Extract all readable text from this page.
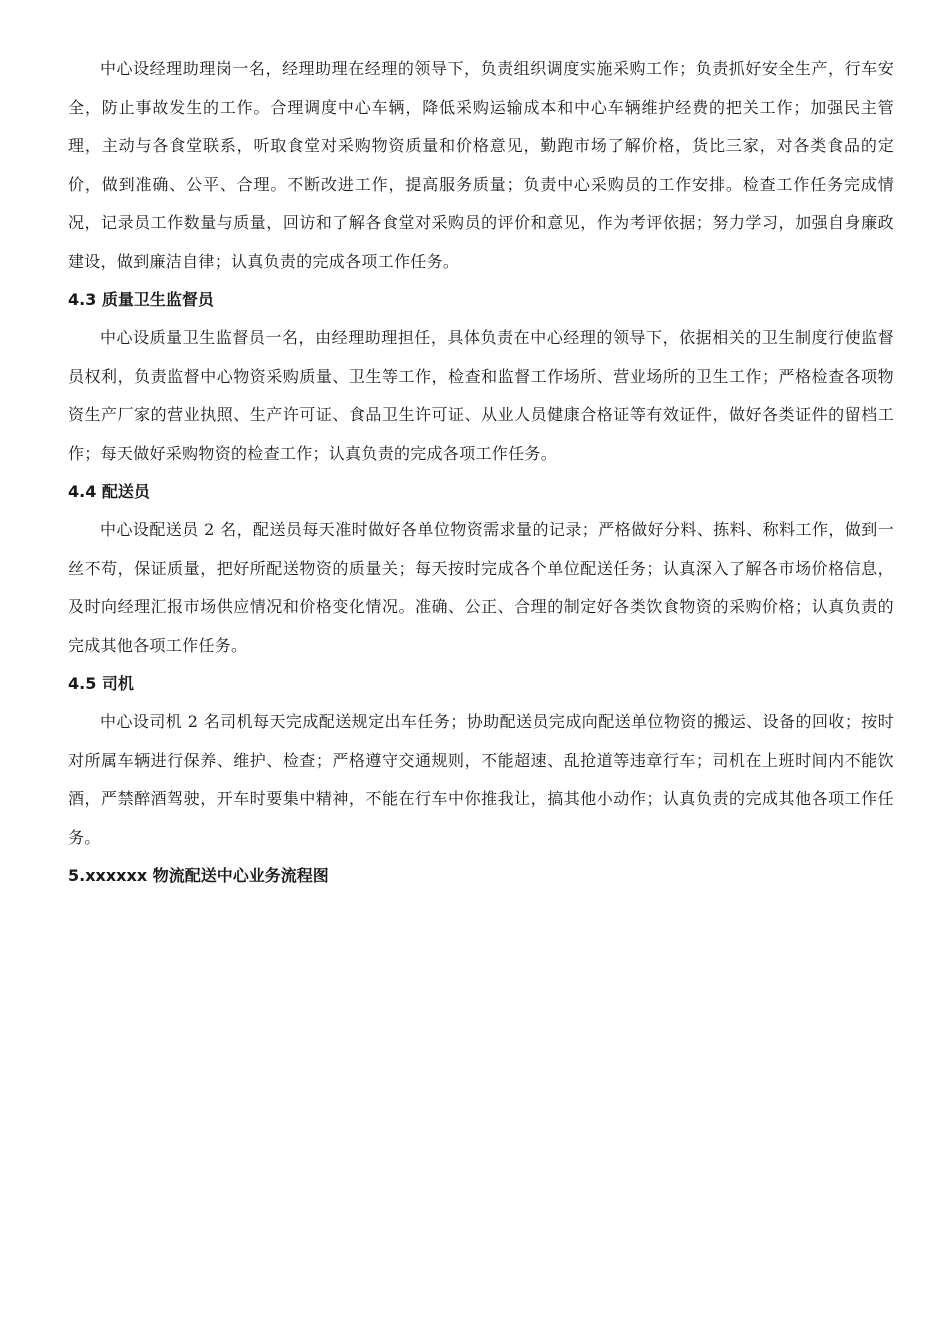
中心设经理助理岗一名，经理助理在经理的领导下，负责组织调度实施采购工作；负责抓好安全生产，行车安全，防止事故发生的工作。合理调度中心车辆，降低采购运输成本和中心车辆维护经费的把关工作；加强民主管理，主动与各食堂联系，听取食堂对采购物资质量和价格意见，勤跑市场了解价格，货比三家，对各类食品的定价，做到准确、公平、合理。不断改进工作，提高服务质量；负责中心采购员的工作安排。检查工作任务完成情况，记录员工作数量与质量，回访和了解各食堂对采购员的评价和意见，作为考评依据；努力学习，加强自身廉政建设，做到廉洁自律；认真负责的完成各项工作任务。

4.3 质量卫生监督员

中心设质量卫生监督员一名，由经理助理担任，具体负责在中心经理的领导下，依据相关的卫生制度行使监督员权利，负责监督中心物资采购质量、卫生等工作，检查和监督工作场所、营业场所的卫生工作；严格检查各项物资生产厂家的营业执照、生产许可证、食品卫生许可证、从业人员健康合格证等有效证件，做好各类证件的留档工作；每天做好采购物资的检查工作；认真负责的完成各项工作任务。

4.4 配送员

中心设配送员 2 名，配送员每天准时做好各单位物资需求量的记录；严格做好分料、拣料、称料工作，做到一丝不苟，保证质量，把好所配送物资的质量关；每天按时完成各个单位配送任务；认真深入了解各市场价格信息，及时向经理汇报市场供应情况和价格变化情况。准确、公正、合理的制定好各类饮食物资的采购价格；认真负责的完成其他各项工作任务。

4.5 司机

中心设司机 2 名司机每天完成配送规定出车任务；协助配送员完成向配送单位物资的搬运、设备的回收；按时对所属车辆进行保养、维护、检查；严格遵守交通规则，不能超速、乱抢道等违章行车；司机在上班时间内不能饮酒，严禁醉酒驾驶，开车时要集中精神，不能在行车中你推我让，搞其他小动作；认真负责的完成其他各项工作任务。

5.xxxxxx 物流配送中心业务流程图
